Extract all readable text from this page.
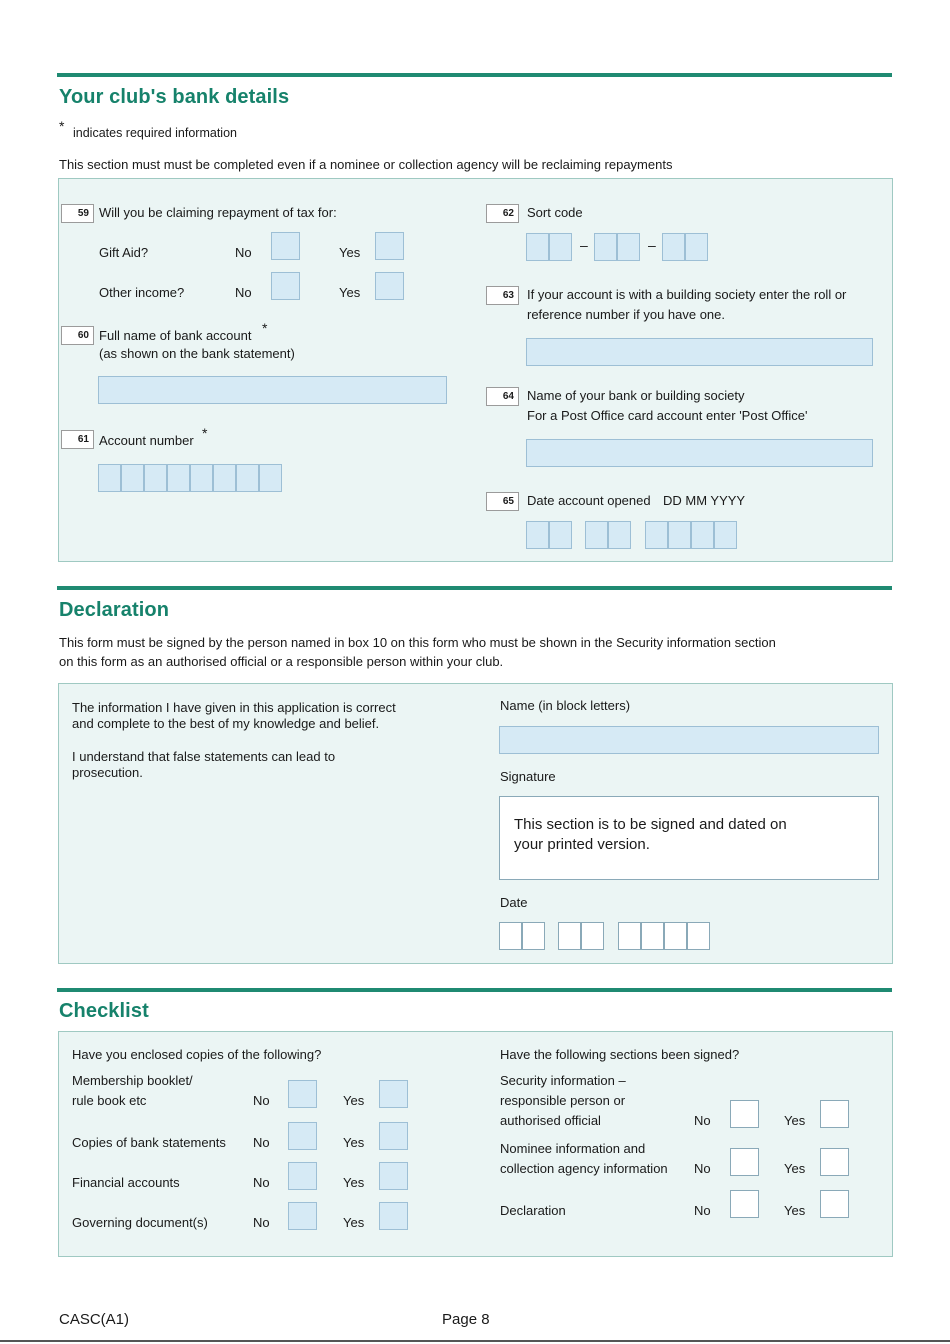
Your club's bank details
* indicates required information
This section must must be completed even if a nominee or collection agency will be reclaiming repayments
59 Will you be claiming repayment of tax for:
Gift Aid?	No	Yes
Other income?	No	Yes
60 Full name of bank account *
(as shown on the bank statement)
61 Account number *
62	Sort code
–	–
63	If your account is with a building society enter the roll or
reference number if you have one.
64	Name of your bank or building society
For a Post Office card account enter 'Post Office'
65	Date account opened DD MM YYYY
Declaration
This form must be signed by the person named in box 10 on this form who must be shown in the Security information section
on this form as an authorised official or a responsible person within your club.
The information I have given in this application is correct
and complete to the best of my knowledge and belief.
I understand that false statements can lead to
prosecution.
Name (in block letters)
Signature
This section is to be signed and dated on
your printed version.
Date
Checklist
Have you enclosed copies of the following?	Have the following sections been signed?
Membership booklet/
rule book etc	No	Yes
Copies of bank statements No	Yes
Financial accounts	No	Yes
Governing document(s)	No	Yes
Security information –
responsible person or
authorised official	No	Yes
Nominee information and
collection agency information No	Yes
Declaration	No	Yes
CASC(A1)	Page 8
